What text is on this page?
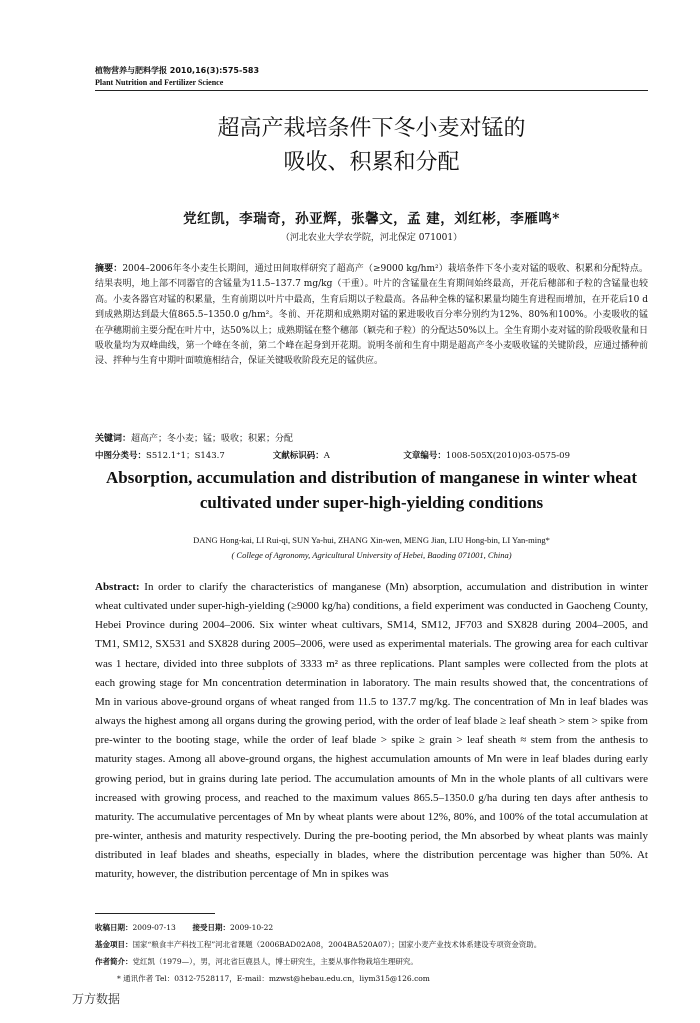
植物营养与肥料学报 2010,16(3):575-583
Plant Nutrition and Fertilizer Science
超高产栽培条件下冬小麦对锰的
吸收、积累和分配
党红凯，李瑞奇，孙亚辉，张馨文，孟 建，刘红彬，李雁鸣*
（河北农业大学农学院，河北保定 071001）
摘要：2004–2006年冬小麦生长期间，通过田间取样研究了超高产（≥9000 kg/hm²）栽培条件下冬小麦对锰的吸收、积累和分配特点。结果表明，地上部不同器官的含锰量为11.5–137.7 mg/kg（干重）。叶片的含锰量在生育期间始终最高，开花后穗部和子粒的含锰量也较高。小麦各器官对锰的积累量，生育前期以叶片中最高，生育后期以子粒最高。各品种全株的锰积累量均随生育进程而增加，在开花后10 d到成熟期达到最大值865.5–1350.0 g/hm²。冬前、开花期和成熟期对锰的累进吸收百分率分别约为12%、80%和100%。小麦吸收的锰在孕穗期前主要分配在叶片中，达50%以上；成熟期锰在整个穗部（颖壳和子粒）的分配达50%以上。全生育期小麦对锰的阶段吸收量和日吸收量均为双峰曲线，第一个峰在冬前，第二个峰在起身到开花期。说明冬前和生育中期是超高产冬小麦吸收锰的关键阶段，应通过播种前浸、拌种与生育中期叶面喷施相结合，保证关键吸收阶段充足的锰供应。
关键词：超高产；冬小麦；锰；吸收；积累；分配
中图分类号：S512.1⁺1；S143.7	文献标识码：A	文章编号：1008-505X(2010)03-0575-09
Absorption, accumulation and distribution of manganese in winter wheat
cultivated under super-high-yielding conditions
DANG Hong-kai, LI Rui-qi, SUN Ya-hui, ZHANG Xin-wen, MENG Jian, LIU Hong-bin, LI Yan-ming*
( College of Agronomy, Agricultural University of Hebei, Baoding 071001, China)
Abstract: In order to clarify the characteristics of manganese (Mn) absorption, accumulation and distribution in winter wheat cultivated under super-high-yielding (≥9000 kg/ha) conditions, a field experiment was conducted in Gaocheng County, Hebei Province during 2004–2006. Six winter wheat cultivars, SM14, SM12, JF703 and SX828 during 2004–2005, and TM1, SM12, SX531 and SX828 during 2005–2006, were used as experimental materials. The growing area for each cultivar was 1 hectare, divided into three subplots of 3333 m² as three replications. Plant samples were collected from the plots at each growing stage for Mn concentration determination in laboratory. The main results showed that, the concentrations of Mn in various above-ground organs of wheat ranged from 11.5 to 137.7 mg/kg. The concentration of Mn in leaf blades was always the highest among all organs during the growing period, with the order of leaf blade ≥ leaf sheath > stem > spike from pre-winter to the booting stage, while the order of leaf blade > spike ≥ grain > leaf sheath ≈ stem from the anthesis to maturity stages. Among all above-ground organs, the highest accumulation amounts of Mn were in leaf blades during early growing period, but in grains during late period. The accumulation amounts of Mn in the whole plants of all cultivars were increased with growing process, and reached to the maximum values 865.5–1350.0 g/ha during ten days after anthesis to maturity. The accumulative percentages of Mn by wheat plants were about 12%, 80%, and 100% of the total accumulation at pre-winter, anthesis and maturity respectively. During the pre-booting period, the Mn absorbed by wheat plants was mainly distributed in leaf blades and sheaths, especially in blades, where the distribution percentage was higher than 50%. At maturity, however, the distribution percentage of Mn in spikes was
收稿日期：2009-07-13 接受日期：2009-10-22
基金项目：国家“粮食丰产科技工程”河北省课题（2006BAD02A08，2004BA520A07）；国家小麦产业技术体系建设专项资金资助。
作者简介：党红凯（1979—），男，河北省巨鹿县人，博士研究生，主要从事作物栽培生理研究。
* 通讯作者 Tel：0312-7528117，E-mail：mzwst@hebau.edu.cn，liym315@126.com
万方数据
